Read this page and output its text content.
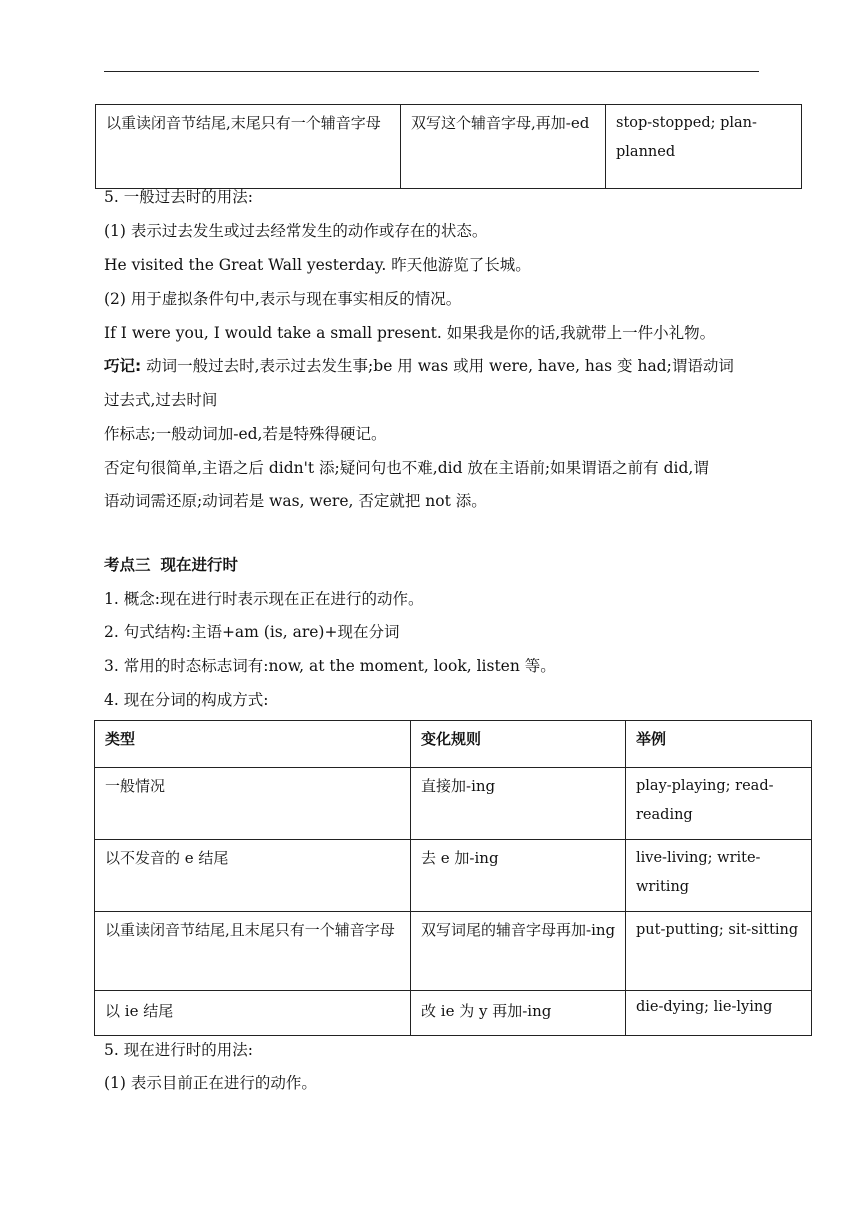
以重读闭音节结尾,末尾只有一个辅音字母	双写这个辅音字母,再加-ed	stop-stopped; plan-planned
5. 一般过去时的用法:
(1) 表示过去发生或过去经常发生的动作或存在的状态。
He visited the Great Wall yesterday. 昨天他游览了长城。
(2) 用于虚拟条件句中,表示与现在事实相反的情况。
If I were you, I would take a small present. 如果我是你的话,我就带上一件小礼物。
巧记: 动词一般过去时,表示过去发生事;be 用 was 或用 were, have, has 变 had;谓语动词
过去式,过去时间
作标志;一般动词加-ed,若是特殊得硬记。
否定句很简单,主语之后 didn't 添;疑问句也不难,did 放在主语前;如果谓语之前有 did,谓
语动词需还原;动词若是 was, were, 否定就把 not 添。
考点三 现在进行时
1. 概念:现在进行时表示现在正在进行的动作。
2. 句式结构:主语+am (is, are)+现在分词
3. 常用的时态标志词有:now, at the moment, look, listen 等。
4. 现在分词的构成方式:
类型	变化规则	举例
一般情况	直接加-ing	play-playing; read-reading
以不发音的 e 结尾	去 e 加-ing	live-living; write-writing
以重读闭音节结尾,且末尾只有一个辅音字母	双写词尾的辅音字母再加-ing	put-putting; sit-sitting
以 ie 结尾	改 ie 为 y 再加-ing	die-dying; lie-lying
5. 现在进行时的用法:
(1) 表示目前正在进行的动作。
